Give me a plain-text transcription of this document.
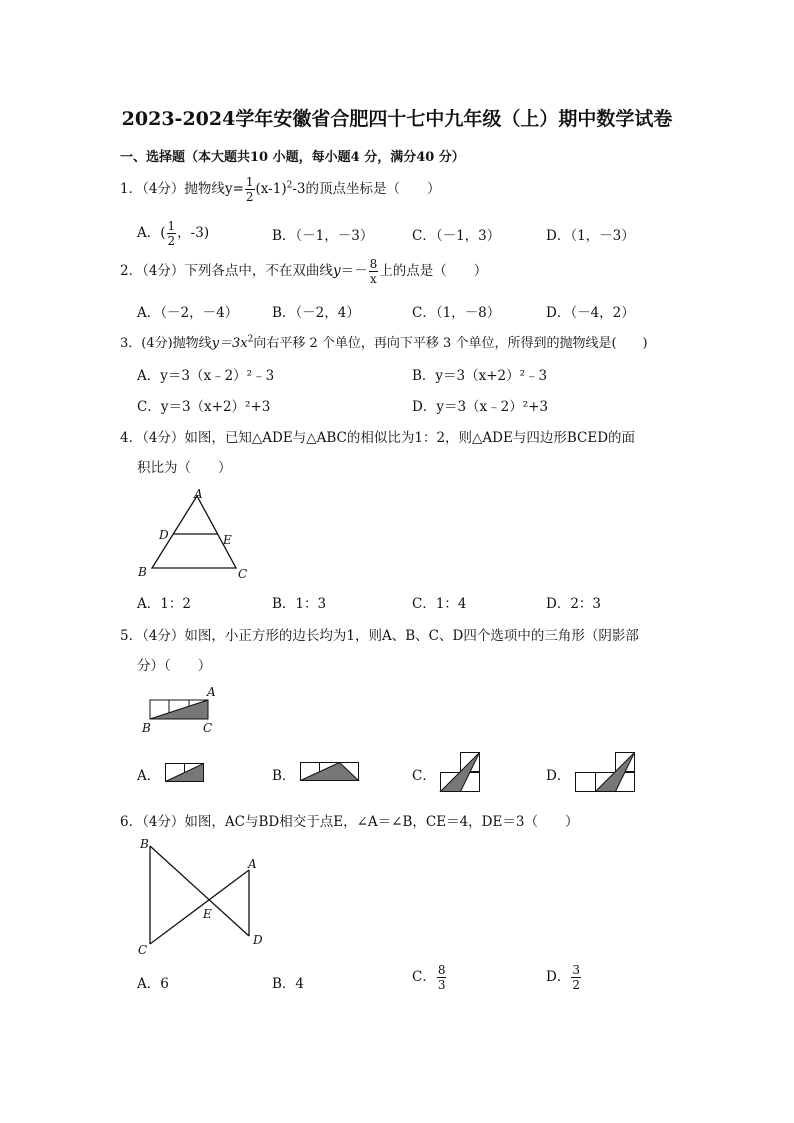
2023-2024学年安徽省合肥四十七中九年级（上）期中数学试卷
一、选择题（本大题共10 小题，每小题4 分，满分40 分）
1．（4分）抛物线$y= \frac{1}{2} (x-1)^2-3$的顶点坐标是（　　）
A．( $\frac{1}{2}$ ，-3)	B．（－1，－3）	C．（－1，3）	D．（1，－3）
2．（4分）下列各点中，不在双曲线$y=- \frac{8}{x}$ 上的点是（　　）
A．（－2，－4）	B．（－2，4）	C．（1，－8）	D．（－4，2）
3．(4分)抛物线$y=3x^2$向右平移 2 个单位，再向下平移 3 个单位，所得到的抛物线是(　　)
A．y＝3（x﹣2）²﹣3	B．y＝3（x+2）²﹣3
C．y＝3（x+2）²+3	D．y＝3（x﹣2）²+3
4．（4分）如图，已知△ADE与△ABC的相似比为1：2，则△ADE与四边形BCED的面
积比为（　　）
A
D	E
B	C
A．1：2	B．1：3	C．1：4	D．2：3
5．（4分）如图，小正方形的边长均为1，则A、B、C、D四个选项中的三角形（阴影部
分）（　　）
A
B	C
A．	B．	C．	D．
6．（4分）如图，AC与BD相交于点E，∠A＝∠B，CE＝4，DE＝3（　　）
B
A
E
C
D
A．6	B．4	C． $\frac{8}{3}$	D． $\frac{3}{2}$
